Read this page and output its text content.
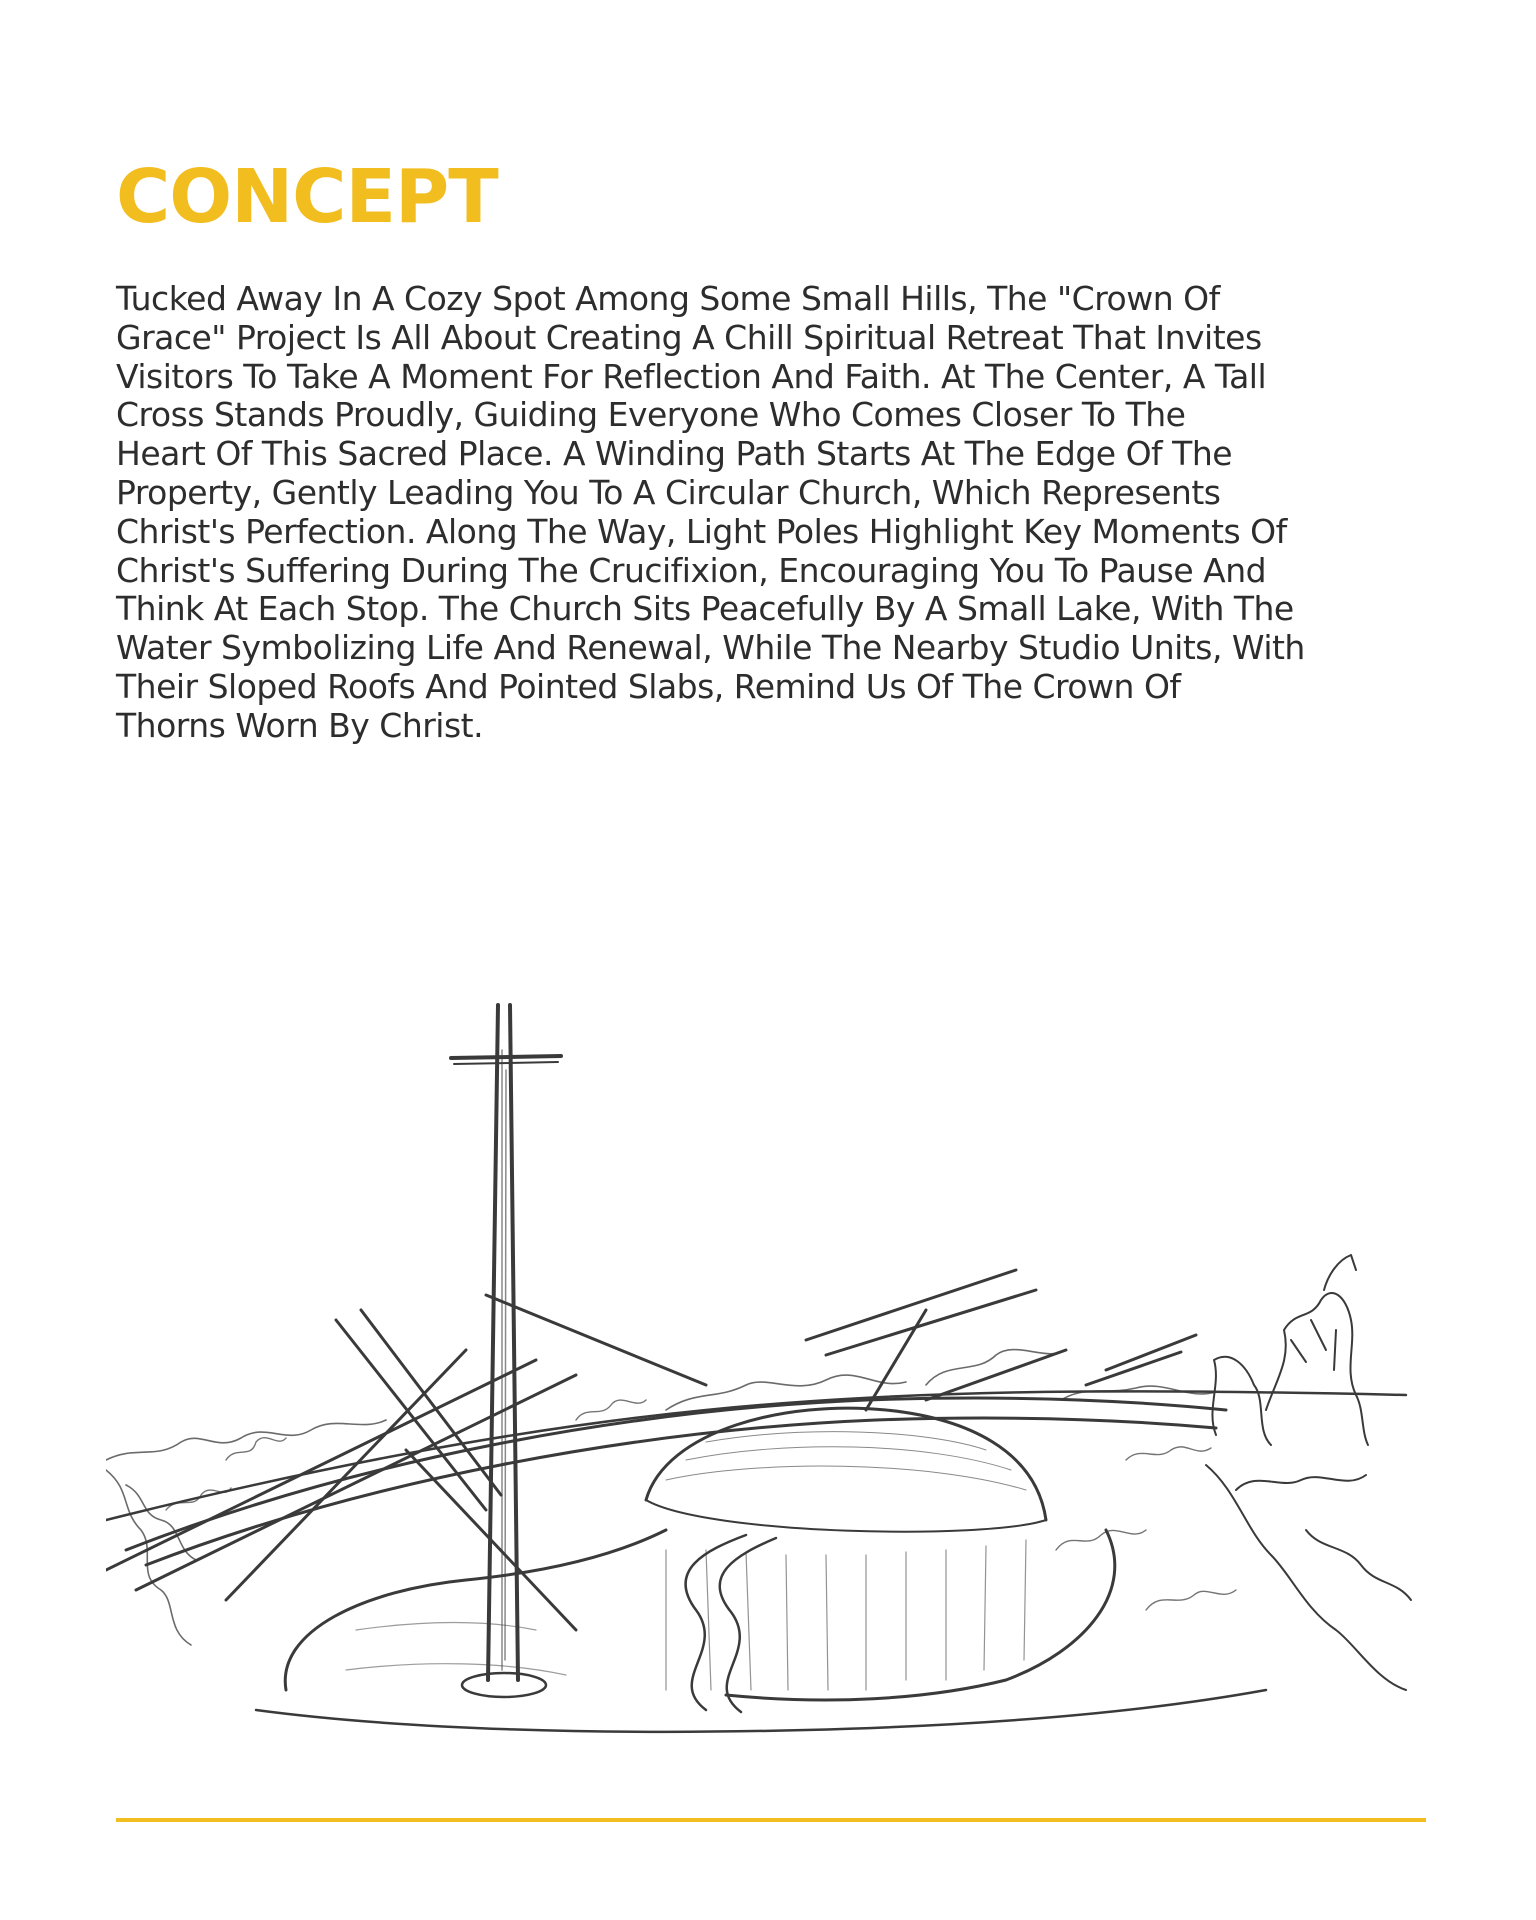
CONCEPT

Tucked Away In A Cozy Spot Among Some Small Hills, The "Crown Of
Grace" Project Is All About Creating A Chill Spiritual Retreat That Invites
Visitors To Take A Moment For Reflection And Faith. At The Center, A Tall
Cross Stands Proudly, Guiding Everyone Who Comes Closer To The
Heart Of This Sacred Place. A Winding Path Starts At The Edge Of The
Property, Gently Leading You To A Circular Church, Which Represents
Christ's Perfection. Along The Way, Light Poles Highlight Key Moments Of
Christ's Suffering During The Crucifixion, Encouraging You To Pause And
Think At Each Stop. The Church Sits Peacefully By A Small Lake, With The
Water Symbolizing Life And Renewal, While The Nearby Studio Units, With
Their Sloped Roofs And Pointed Slabs, Remind Us Of The Crown Of
Thorns Worn By Christ.
